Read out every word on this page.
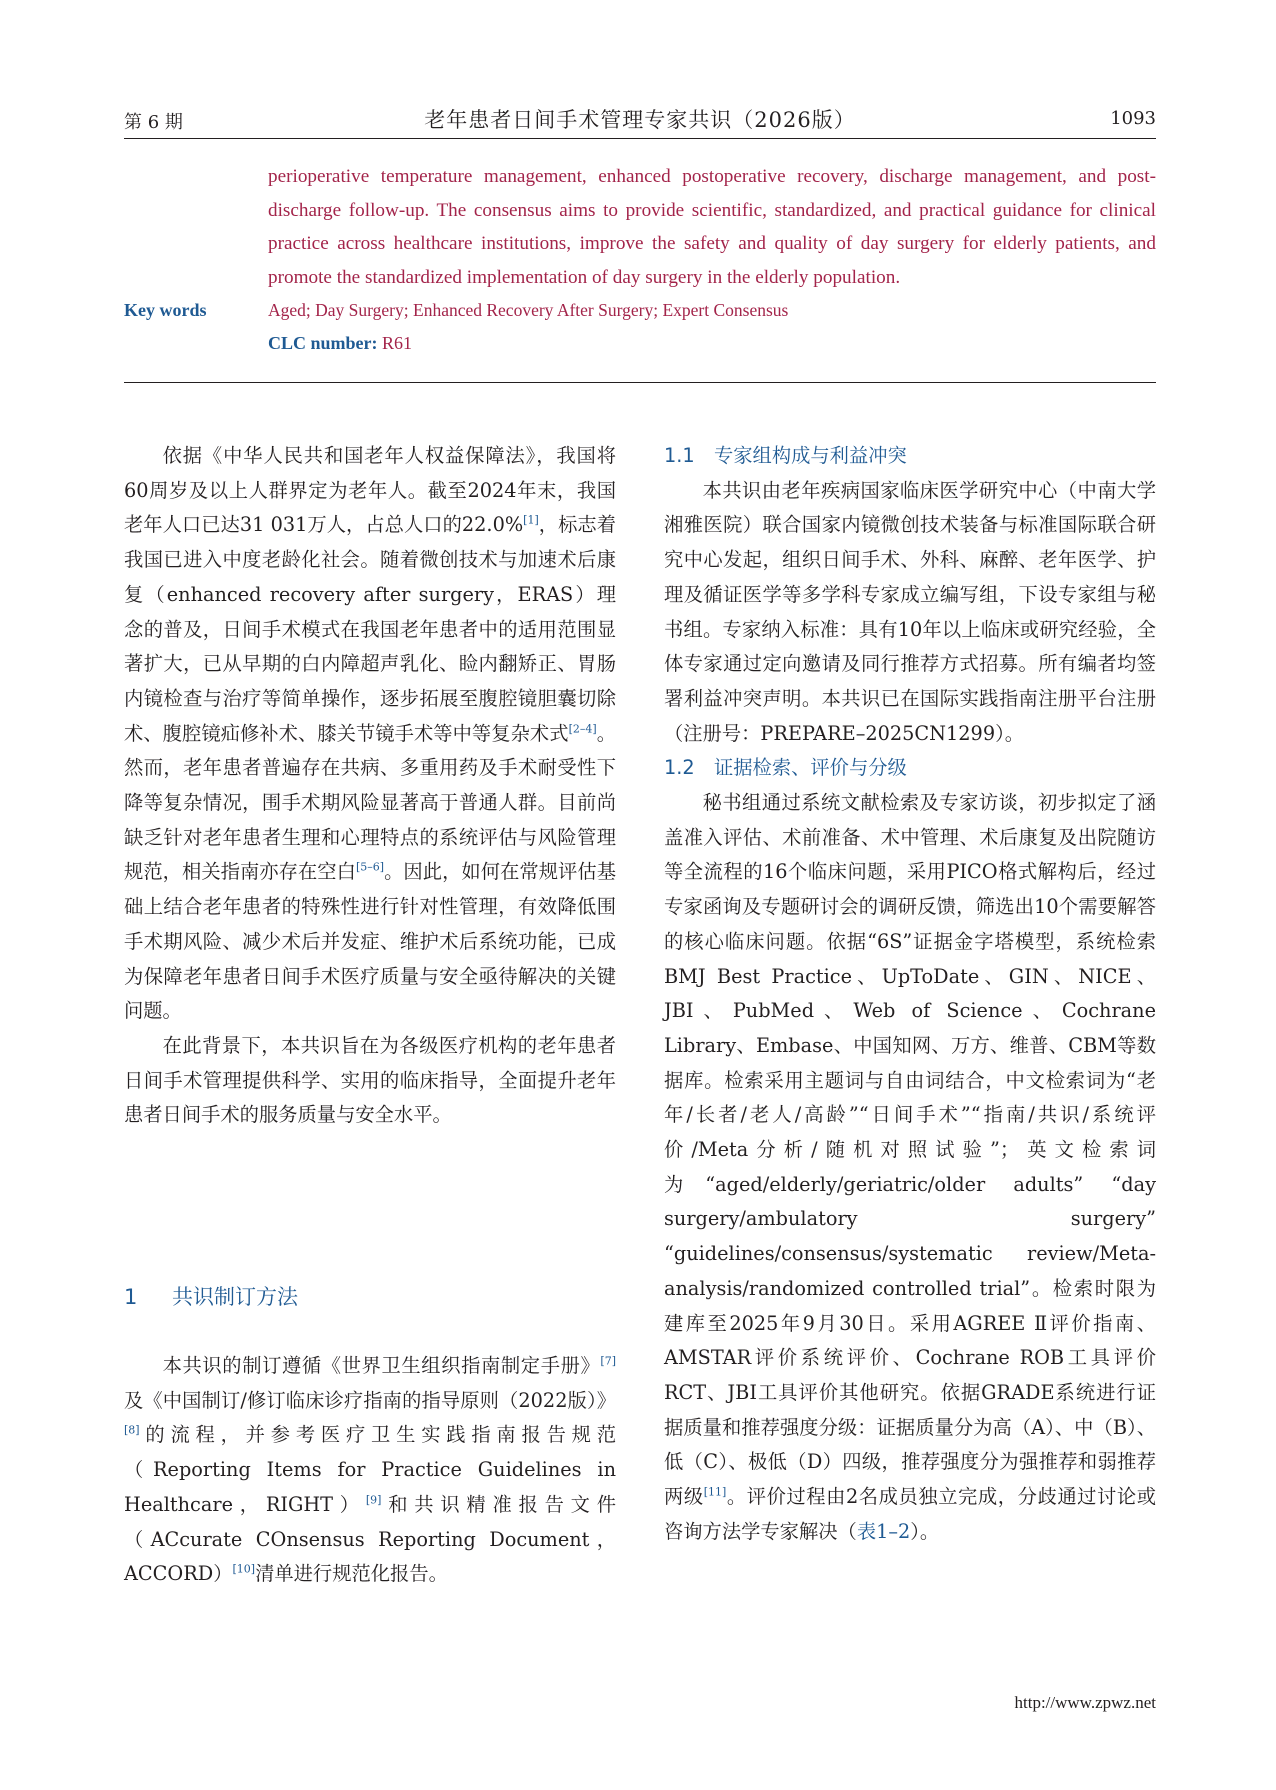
第 6 期	老年患者日间手术管理专家共识（2026版）	1093

perioperative temperature management, enhanced postoperative recovery, discharge management, and post-discharge follow-up. The consensus aims to provide scientific, standardized, and practical guidance for clinical practice across healthcare institutions, improve the safety and quality of day surgery for elderly patients, and promote the standardized implementation of day surgery in the elderly population.

Key words	Aged; Day Surgery; Enhanced Recovery After Surgery; Expert Consensus
CLC number: R61

依据《中华人民共和国老年人权益保障法》，我国将60周岁及以上人群界定为老年人。截至2024年末，我国老年人口已达31 031万人，占总人口的22.0%[1]，标志着我国已进入中度老龄化社会。随着微创技术与加速术后康复（enhanced recovery after surgery，ERAS）理念的普及，日间手术模式在我国老年患者中的适用范围显著扩大，已从早期的白内障超声乳化、睑内翻矫正、胃肠内镜检查与治疗等简单操作，逐步拓展至腹腔镜胆囊切除术、腹腔镜疝修补术、膝关节镜手术等中等复杂术式[2–4]。然而，老年患者普遍存在共病、多重用药及手术耐受性下降等复杂情况，围手术期风险显著高于普通人群。目前尚缺乏针对老年患者生理和心理特点的系统评估与风险管理规范，相关指南亦存在空白[5–6]。因此，如何在常规评估基础上结合老年患者的特殊性进行针对性管理，有效降低围手术期风险、减少术后并发症、维护术后系统功能，已成为保障老年患者日间手术医疗质量与安全亟待解决的关键问题。

在此背景下，本共识旨在为各级医疗机构的老年患者日间手术管理提供科学、实用的临床指导，全面提升老年患者日间手术的服务质量与安全水平。

1 共识制订方法

本共识的制订遵循《世界卫生组织指南制定手册》[7]及《中国制订/修订临床诊疗指南的指导原则（2022版）》[8]的流程，并参考医疗卫生实践指南报告规范（Reporting Items for Practice Guidelines in Healthcare，RIGHT）[9]和共识精准报告文件（ACcurate COnsensus Reporting Document，ACCORD）[10]清单进行规范化报告。

1.1 专家组构成与利益冲突

本共识由老年疾病国家临床医学研究中心（中南大学湘雅医院）联合国家内镜微创技术装备与标准国际联合研究中心发起，组织日间手术、外科、麻醉、老年医学、护理及循证医学等多学科专家成立编写组，下设专家组与秘书组。专家纳入标准：具有10年以上临床或研究经验，全体专家通过定向邀请及同行推荐方式招募。所有编者均签署利益冲突声明。本共识已在国际实践指南注册平台注册（注册号：PREPARE–2025CN1299）。

1.2 证据检索、评价与分级

秘书组通过系统文献检索及专家访谈，初步拟定了涵盖准入评估、术前准备、术中管理、术后康复及出院随访等全流程的16个临床问题，采用PICO格式解构后，经过专家函询及专题研讨会的调研反馈，筛选出10个需要解答的核心临床问题。依据“6S”证据金字塔模型，系统检索BMJ Best Practice、UpToDate、GIN、NICE、JBI、PubMed、Web of Science、Cochrane Library、Embase、中国知网、万方、维普、CBM等数据库。检索采用主题词与自由词结合，中文检索词为“老年/长者/老人/高龄”“日间手术”“指南/共识/系统评价/Meta分析/随机对照试验”；英文检索词为“aged/elderly/geriatric/older adults” “day surgery/ambulatory surgery” “guidelines/consensus/systematic review/Meta-analysis/randomized controlled trial”。检索时限为建库至2025年9月30日。采用AGREE Ⅱ评价指南、AMSTAR评价系统评价、Cochrane ROB工具评价RCT、JBI工具评价其他研究。依据GRADE系统进行证据质量和推荐强度分级：证据质量分为高（A）、中（B）、低（C）、极低（D）四级，推荐强度分为强推荐和弱推荐两级[11]。评价过程由2名成员独立完成，分歧通过讨论或咨询方法学专家解决（表1–2）。

http://www.zpwz.net
